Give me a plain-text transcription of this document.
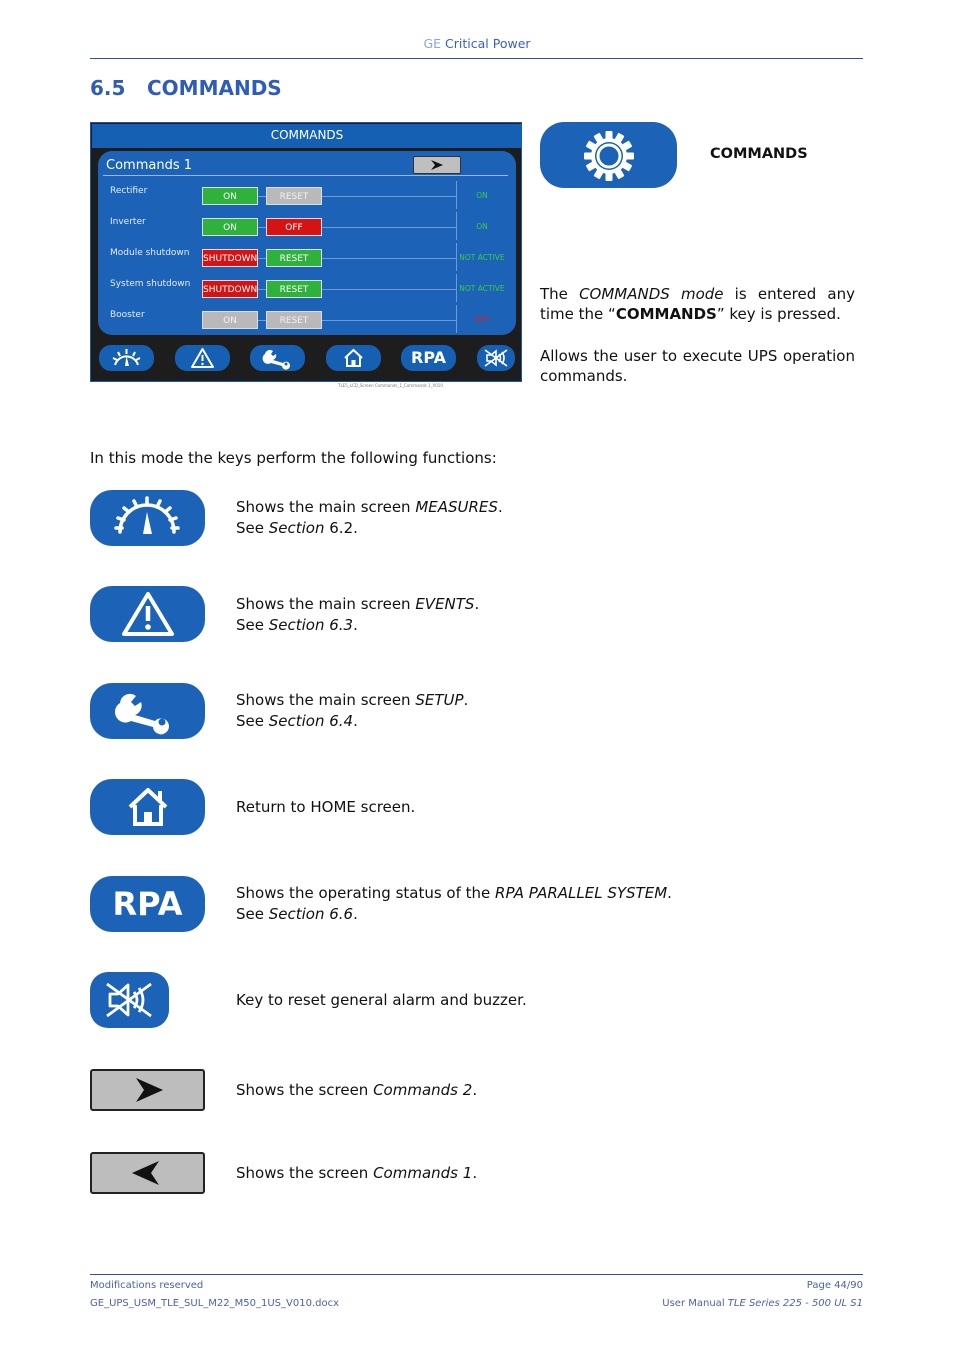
GE Critical Power
6.5 COMMANDS
COMMANDS
Commands 1
Rectifier
ON	RESET	ON
Inverter
ON	OFF	ON
Module shutdown
SHUTDOWN	RESET	NOT ACTIVE
System shutdown
SHUTDOWN	RESET	NOT ACTIVE
Booster
ON	RESET	OFF
RPA
TLE5_LCD_Screen Commands_1_Commands 1_V010
COMMANDS
The COMMANDS mode is entered any time the “COMMANDS” key is pressed.
Allows the user to execute UPS operation commands.
In this mode the keys perform the following functions:
Shows the main screen MEASURES.
See Section 6.2.
Shows the main screen EVENTS.
See Section 6.3.
Shows the main screen SETUP.
See Section 6.4.
Return to HOME screen.
RPA	Shows the operating status of the RPA PARALLEL SYSTEM.
See Section 6.6.
Key to reset general alarm and buzzer.
Shows the screen Commands 2.
Shows the screen Commands 1.
Modifications reserved
GE_UPS_USM_TLE_SUL_M22_M50_1US_V010.docx
Page 44/90
User Manual TLE Series 225 - 500 UL S1
